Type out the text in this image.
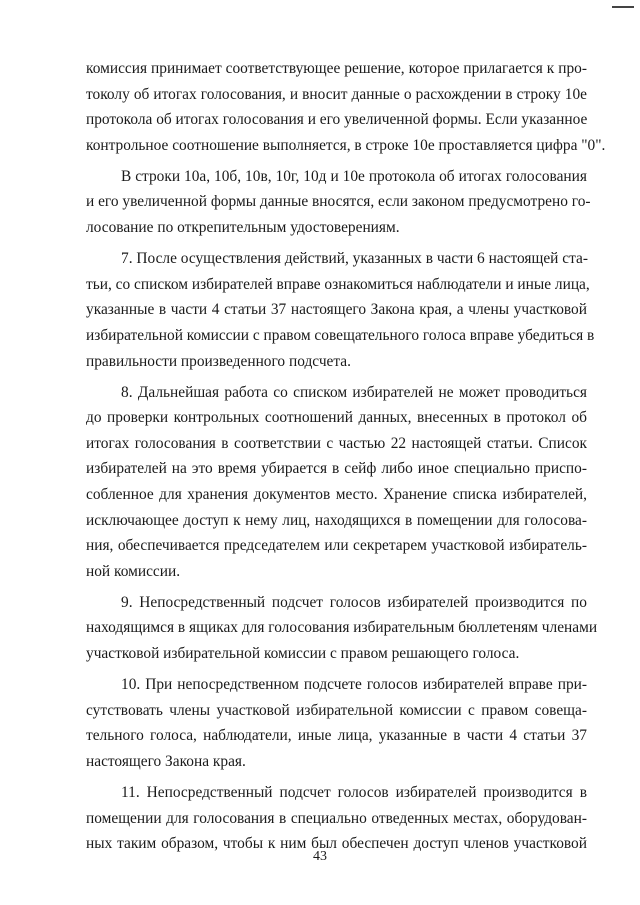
комиссия принимает соответствующее решение, которое прилагается к про-
токолу об итогах голосования, и вносит данные о расхождении в строку 10е
протокола об итогах голосования и его увеличенной формы. Если указанное
контрольное соотношение выполняется, в строке 10е проставляется цифра "0".
В строки 10а, 10б, 10в, 10г, 10д и 10е протокола об итогах голосования
и его увеличенной формы данные вносятся, если законом предусмотрено го-
лосование по открепительным удостоверениям.
7. После осуществления действий, указанных в части 6 настоящей ста-
тьи, со списком избирателей вправе ознакомиться наблюдатели и иные лица,
указанные в части 4 статьи 37 настоящего Закона края, а члены участковой
избирательной комиссии с правом совещательного голоса вправе убедиться в
правильности произведенного подсчета.
8. Дальнейшая работа со списком избирателей не может проводиться
до проверки контрольных соотношений данных, внесенных в протокол об
итогах голосования в соответствии с частью 22 настоящей статьи. Список
избирателей на это время убирается в сейф либо иное специально приспо-
собленное для хранения документов место. Хранение списка избирателей,
исключающее доступ к нему лиц, находящихся в помещении для голосова-
ния, обеспечивается председателем или секретарем участковой избиратель-
ной комиссии.
9. Непосредственный подсчет голосов избирателей производится по
находящимся в ящиках для голосования избирательным бюллетеням членами
участковой избирательной комиссии с правом решающего голоса.
10. При непосредственном подсчете голосов избирателей вправе при-
сутствовать члены участковой избирательной комиссии с правом совеща-
тельного голоса, наблюдатели, иные лица, указанные в части 4 статьи 37
настоящего Закона края.
11. Непосредственный подсчет голосов избирателей производится в
помещении для голосования в специально отведенных местах, оборудован-
ных таким образом, чтобы к ним был обеспечен доступ членов участковой
43
